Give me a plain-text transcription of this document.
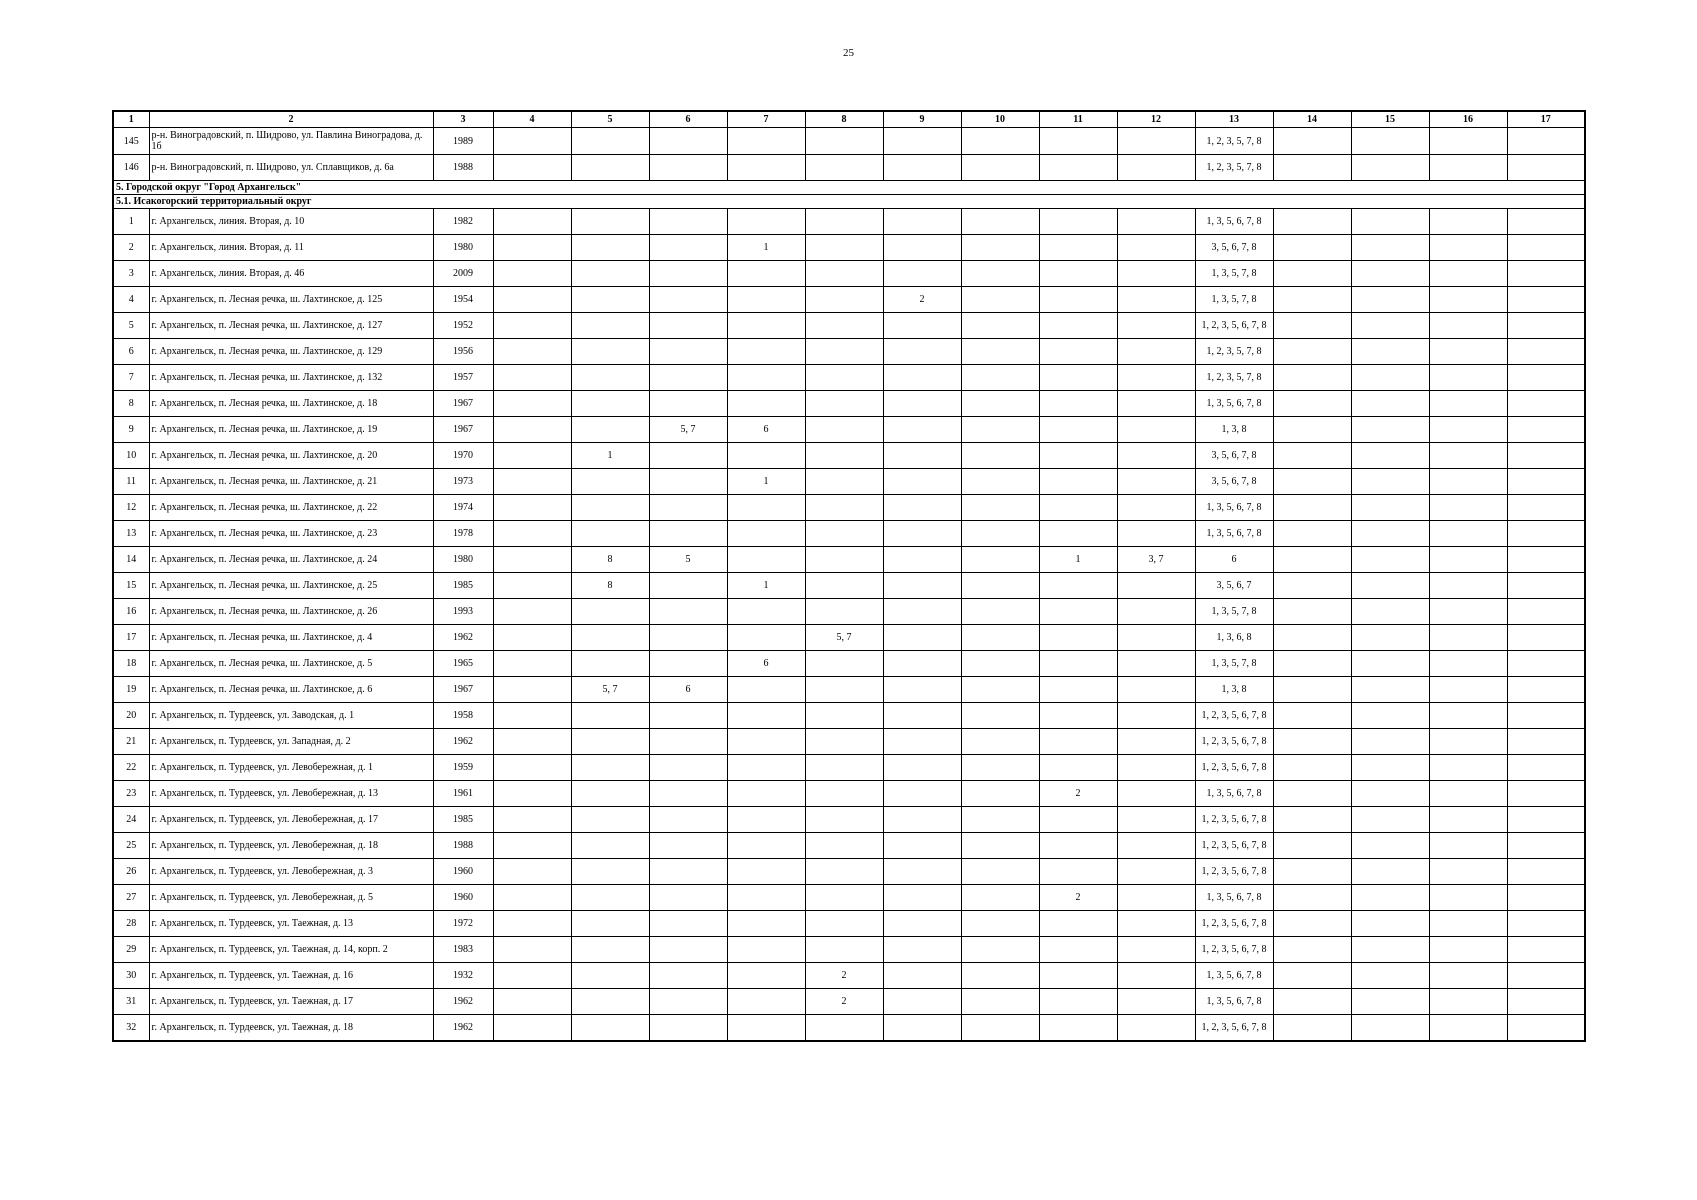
25
1	2	3	4	5	6	7	8	9	10	11	12	13	14	15	16	17
145	р-н. Виноградовский, п. Шидрово, ул. Павлина Виноградова, д. 1б	1989										1, 2, 3, 5, 7, 8				
146	р-н. Виноградовский, п. Шидрово, ул. Сплавщиков, д. 6а	1988										1, 2, 3, 5, 7, 8				
5. Городской округ "Город Архангельск"																
5.1. Исакогорский территориальный округ																
1	г. Архангельск, линия. Вторая, д. 10	1982										1, 3, 5, 6, 7, 8				
2	г. Архангельск, линия. Вторая, д. 11	1980				1						3, 5, 6, 7, 8				
3	г. Архангельск, линия. Вторая, д. 46	2009										1, 3, 5, 7, 8				
4	г. Архангельск, п. Лесная речка, ш. Лахтинское, д. 125	1954						2				1, 3, 5, 7, 8				
5	г. Архангельск, п. Лесная речка, ш. Лахтинское, д. 127	1952										1, 2, 3, 5, 6, 7, 8				
6	г. Архангельск, п. Лесная речка, ш. Лахтинское, д. 129	1956										1, 2, 3, 5, 7, 8				
7	г. Архангельск, п. Лесная речка, ш. Лахтинское, д. 132	1957										1, 2, 3, 5, 7, 8				
8	г. Архангельск, п. Лесная речка, ш. Лахтинское, д. 18	1967										1, 3, 5, 6, 7, 8				
9	г. Архангельск, п. Лесная речка, ш. Лахтинское, д. 19	1967			5, 7	6						1, 3, 8				
10	г. Архангельск, п. Лесная речка, ш. Лахтинское, д. 20	1970		1								3, 5, 6, 7, 8				
11	г. Архангельск, п. Лесная речка, ш. Лахтинское, д. 21	1973				1						3, 5, 6, 7, 8				
12	г. Архангельск, п. Лесная речка, ш. Лахтинское, д. 22	1974										1, 3, 5, 6, 7, 8				
13	г. Архангельск, п. Лесная речка, ш. Лахтинское, д. 23	1978										1, 3, 5, 6, 7, 8				
14	г. Архангельск, п. Лесная речка, ш. Лахтинское, д. 24	1980		8	5					1	3, 7	6				
15	г. Архангельск, п. Лесная речка, ш. Лахтинское, д. 25	1985		8		1						3, 5, 6, 7				
16	г. Архангельск, п. Лесная речка, ш. Лахтинское, д. 26	1993										1, 3, 5, 7, 8				
17	г. Архангельск, п. Лесная речка, ш. Лахтинское, д. 4	1962					5, 7					1, 3, 6, 8				
18	г. Архангельск, п. Лесная речка, ш. Лахтинское, д. 5	1965				6						1, 3, 5, 7, 8				
19	г. Архангельск, п. Лесная речка, ш. Лахтинское, д. 6	1967		5, 7	6							1, 3, 8				
20	г. Архангельск, п. Турдеевск, ул. Заводская, д. 1	1958										1, 2, 3, 5, 6, 7, 8				
21	г. Архангельск, п. Турдеевск, ул. Западная, д. 2	1962										1, 2, 3, 5, 6, 7, 8				
22	г. Архангельск, п. Турдеевск, ул. Левобережная, д. 1	1959										1, 2, 3, 5, 6, 7, 8				
23	г. Архангельск, п. Турдеевск, ул. Левобережная, д. 13	1961								2		1, 3, 5, 6, 7, 8				
24	г. Архангельск, п. Турдеевск, ул. Левобережная, д. 17	1985										1, 2, 3, 5, 6, 7, 8				
25	г. Архангельск, п. Турдеевск, ул. Левобережная, д. 18	1988										1, 2, 3, 5, 6, 7, 8				
26	г. Архангельск, п. Турдеевск, ул. Левобережная, д. 3	1960										1, 2, 3, 5, 6, 7, 8				
27	г. Архангельск, п. Турдеевск, ул. Левобережная, д. 5	1960								2		1, 3, 5, 6, 7, 8				
28	г. Архангельск, п. Турдеевск, ул. Таежная, д. 13	1972										1, 2, 3, 5, 6, 7, 8				
29	г. Архангельск, п. Турдеевск, ул. Таежная, д. 14, корп. 2	1983										1, 2, 3, 5, 6, 7, 8				
30	г. Архангельск, п. Турдеевск, ул. Таежная, д. 16	1932					2					1, 3, 5, 6, 7, 8				
31	г. Архангельск, п. Турдеевск, ул. Таежная, д. 17	1962					2					1, 3, 5, 6, 7, 8				
32	г. Архангельск, п. Турдеевск, ул. Таежная, д. 18	1962										1, 2, 3, 5, 6, 7, 8				
